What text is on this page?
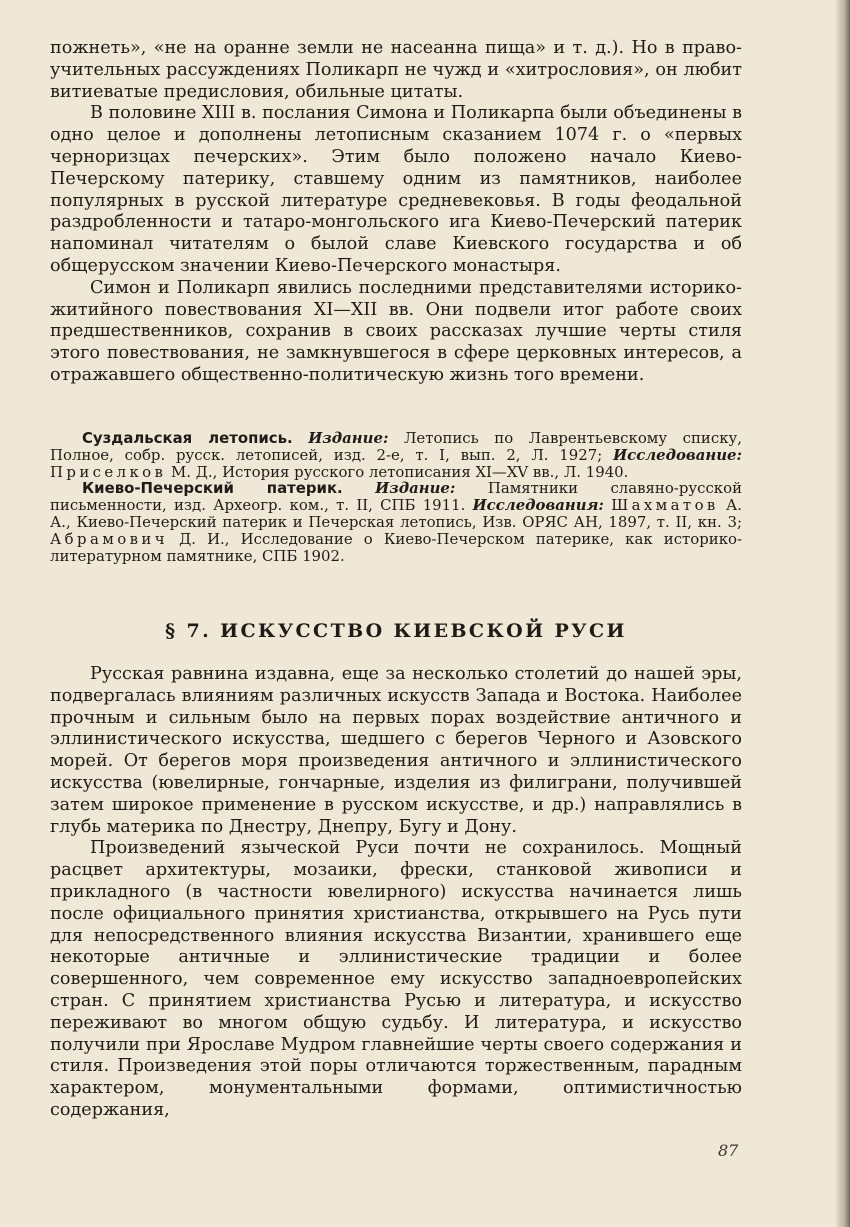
пожнеть», «не на оранне земли не насеанна пища» и т. д.). Но в право-учительных рассуждениях Поликарп не чужд и «хитрословия», он любит витиеватые предисловия, обильные цитаты.

В половине XIII в. послания Симона и Поликарпа были объединены в одно целое и дополнены летописным сказанием 1074 г. о «первых черноризцах печерских». Этим было положено начало Киево-Печерскому патерику, ставшему одним из памятников, наиболее популярных в русской литературе средневековья. В годы феодальной раздробленности и татаро-монгольского ига Киево-Печерский патерик напоминал читателям о былой славе Киевского государства и об общерусском значении Киево-Печерского монастыря.

Симон и Поликарп явились последними представителями историко-житийного повествования XI—XII вв. Они подвели итог работе своих предшественников, сохранив в своих рассказах лучшие черты стиля этого повествования, не замкнувшегося в сфере церковных интересов, а отражавшего общественно-политическую жизнь того времени.

Суздальская летопись. Издание: Летопись по Лаврентьевскому списку, Полное, собр. русск. летописей, изд. 2-е, т. I, вып. 2, Л. 1927; Исследование: Приселков М. Д., История русского летописания XI—XV вв., Л. 1940.

Киево-Печерский патерик. Издание: Памятники славяно-русской письменности, изд. Археогр. ком., т. II, СПБ 1911. Исследования: Шахматов А. А., Киево-Печерский патерик и Печерская летопись, Изв. ОРЯС АН, 1897, т. II, кн. 3; Абрамович Д. И., Исследование о Киево-Печерском патерике, как историко-литературном памятнике, СПБ 1902.

§ 7. ИСКУССТВО КИЕВСКОЙ РУСИ

Русская равнина издавна, еще за несколько столетий до нашей эры, подвергалась влияниям различных искусств Запада и Востока. Наиболее прочным и сильным было на первых порах воздействие античного и эллинистического искусства, шедшего с берегов Черного и Азовского морей. От берегов моря произведения античного и эллинистического искусства (ювелирные, гончарные, изделия из филиграни, получившей затем широкое применение в русском искусстве, и др.) направлялись в глубь материка по Днестру, Днепру, Бугу и Дону.

Произведений языческой Руси почти не сохранилось. Мощный расцвет архитектуры, мозаики, фрески, станковой живописи и прикладного (в частности ювелирного) искусства начинается лишь после официального принятия христианства, открывшего на Русь пути для непосредственного влияния искусства Византии, хранившего еще некоторые античные и эллинистические традиции и более совершенного, чем современное ему искусство западноевропейских стран. С принятием христианства Русью и литература, и искусство переживают во многом общую судьбу. И литература, и искусство получили при Ярославе Мудром главнейшие черты своего содержания и стиля. Произведения этой поры отличаются торжественным, парадным характером, монументальными формами, оптимистичностью содержания,

87
